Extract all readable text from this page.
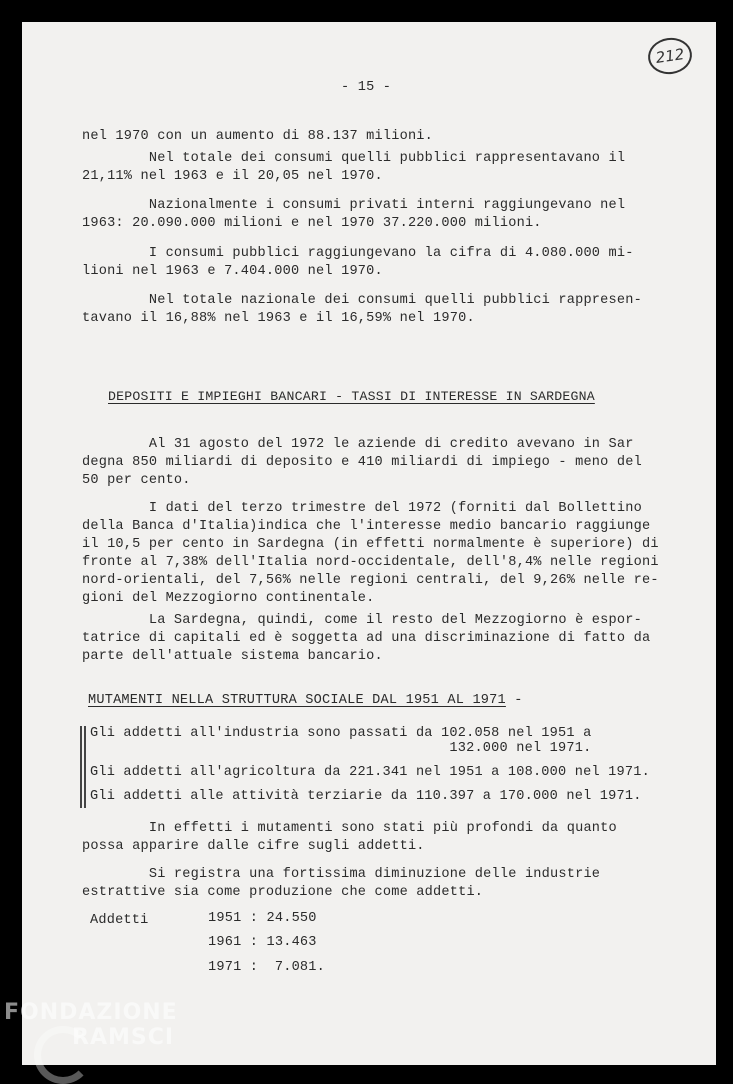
212
- 15 -
nel 1970 con un aumento di 88.137 milioni.
Nel totale dei consumi quelli pubblici rappresentavano il
21,11% nel 1963 e il 20,05 nel 1970.
Nazionalmente i consumi privati interni raggiungevano nel
1963: 20.090.000 milioni e nel 1970 37.220.000 milioni.
I consumi pubblici raggiungevano la cifra di 4.080.000 mi-
lioni nel 1963 e 7.404.000 nel 1970.
Nel totale nazionale dei consumi quelli pubblici rappresen-
tavano il 16,88% nel 1963 e il 16,59% nel 1970.
DEPOSITI E IMPIEGHI BANCARI - TASSI DI INTERESSE IN SARDEGNA
Al 31 agosto del 1972 le aziende di credito avevano in Sar
degna 850 miliardi di deposito e 410 miliardi di impiego - meno del
50 per cento.
I dati del terzo trimestre del 1972 (forniti dal Bollettino
della Banca d'Italia)indica che l'interesse medio bancario raggiunge
il 10,5 per cento in Sardegna (in effetti normalmente è superiore) di
fronte al 7,38% dell'Italia nord-occidentale, dell'8,4% nelle regioni
nord-orientali, del 7,56% nelle regioni centrali, del 9,26% nelle re-
gioni del Mezzogiorno continentale.
La Sardegna, quindi, come il resto del Mezzogiorno è espor-
tatrice di capitali ed è soggetta ad una discriminazione di fatto da
parte dell'attuale sistema bancario.
MUTAMENTI NELLA STRUTTURA SOCIALE DAL 1951 AL 1971 -
Gli addetti all'industria sono passati da 102.058 nel 1951 a
132.000 nel 1971.
Gli addetti all'agricoltura da 221.341 nel 1951 a 108.000 nel 1971.
Gli addetti alle attività terziarie da 110.397 a 170.000 nel 1971.
In effetti i mutamenti sono stati più profondi da quanto
possa apparire dalle cifre sugli addetti.
Si registra una fortissima diminuzione delle industrie
estrattive sia come produzione che come addetti.
Addetti	1951 : 24.550
1961 : 13.463
1971 :  7.081.
FONDAZIONE
RAMSCI
